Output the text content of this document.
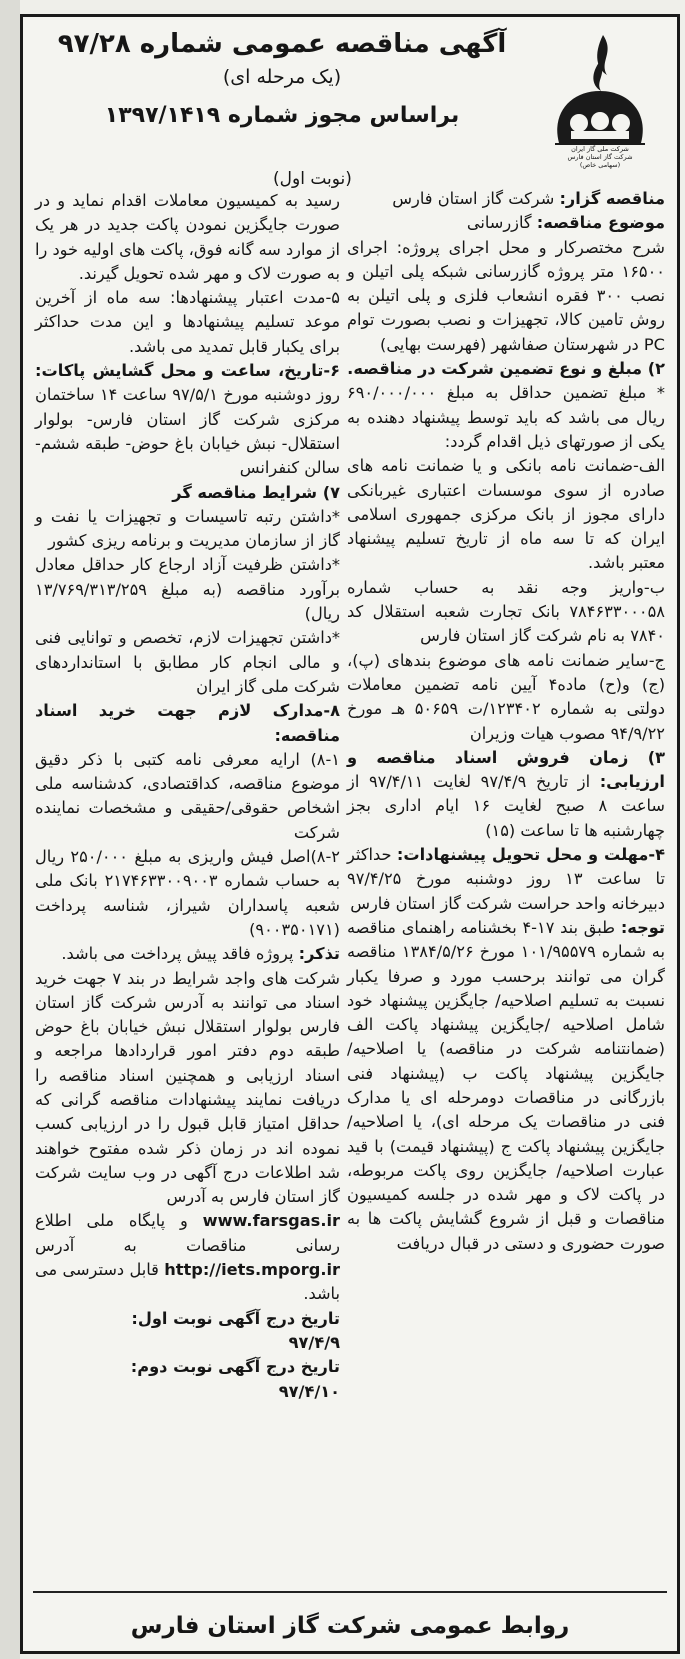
شرکت ملی گاز ایران
شرکت گاز استان فارس
(سهامی خاص)
آگهی مناقصه عمومی شماره ۹۷/۲۸
(یک مرحله ای)
براساس مجوز شماره ۱۳۹۷/۱۴۱۹
(نوبت اول)

مناقصه گزار: شرکت گاز استان فارس

موضوع مناقصه: گازرسانی

شرح مختصرکار و محل اجرای پروژه: اجرای ۱۶۵۰۰ متر پروژه گازرسانی شبکه پلی اتیلن و نصب ۳۰۰ فقره انشعاب فلزی و پلی اتیلن به روش تامین کالا، تجهیزات و نصب بصورت توام PC در شهرستان صفاشهر (فهرست بهایی)

۲) مبلغ و نوع تضمین شرکت در مناقصه.

* مبلغ تضمین حداقل به مبلغ ۶۹۰/۰۰۰/۰۰۰ ریال می باشد که باید توسط پیشنهاد دهنده به یکی از صورتهای ذیل اقدام گردد:

الف-ضمانت نامه بانکی و یا ضمانت نامه های صادره از سوی موسسات اعتباری غیربانکی دارای مجوز از بانک مرکزی جمهوری اسلامی ایران که تا سه ماه از تاریخ تسلیم پیشنهاد معتبر باشد.

ب-واریز وجه نقد به حساب شماره ۷۸۴۶۳۳۰۰۰۵۸ بانک تجارت شعبه استقلال کد ۷۸۴۰ به نام شرکت گاز استان فارس

ج-سایر ضمانت نامه های موضوع بندهای (پ)، (ج) و(ح) ماده۴ آیین نامه تضمین معاملات دولتی به شماره ۱۲۳۴۰۲/ت ۵۰۶۵۹ هـ مورخ ۹۴/۹/۲۲ مصوب هیات وزیران

۳) زمان فروش اسناد مناقصه و ارزیابی: از تاریخ ۹۷/۴/۹ لغایت ۹۷/۴/۱۱ از ساعت ۸ صبح لغایت ۱۶ ایام اداری بجز چهارشنبه ها تا ساعت (۱۵)

۴-مهلت و محل تحویل پیشنهادات: حداکثر تا ساعت ۱۳ روز دوشنبه مورخ ۹۷/۴/۲۵ دبیرخانه واحد حراست شرکت گاز استان فارس

توجه: طبق بند ۱۷-۴ بخشنامه راهنمای مناقصه به شماره ۱۰۱/۹۵۵۷۹ مورخ ۱۳۸۴/۵/۲۶ مناقصه گران می توانند برحسب مورد و صرفا یکبار نسبت به تسلیم اصلاحیه/ جایگزین پیشنهاد خود شامل اصلاحیه /جایگزین پیشنهاد پاکت الف (ضمانتنامه شرکت در مناقصه) یا اصلاحیه/جایگزین پیشنهاد پاکت ب (پیشنهاد فنی بازرگانی در مناقصات دومرحله ای یا مدارک فنی در مناقصات یک مرحله ای)، یا اصلاحیه/ جایگزین پیشنهاد پاکت ج (پیشنهاد قیمت) با قید عبارت اصلاحیه/ جایگزین روی پاکت مربوطه، در پاکت لاک و مهر شده در جلسه کمیسیون مناقصات و قبل از شروع گشایش پاکت ها به صورت حضوری و دستی در قبال دریافت

رسید به کمیسیون معاملات اقدام نماید و در صورت جایگزین نمودن پاکت جدید در هر یک از موارد سه گانه فوق، پاکت های اولیه خود را به صورت لاک و مهر شده تحویل گیرند.

۵-مدت اعتبار پیشنهادها: سه ماه از آخرین موعد تسلیم پیشنهادها و این مدت حداکثر برای یکبار قابل تمدید می باشد.

۶-تاریخ، ساعت و محل گشایش پاکات: روز دوشنبه مورخ ۹۷/۵/۱ ساعت ۱۴ ساختمان مرکزی شرکت گاز استان فارس- بولوار استقلال- نبش خیابان باغ حوض- طبقه ششم- سالن کنفرانس

۷) شرایط مناقصه گر

*داشتن رتبه تاسیسات و تجهیزات یا نفت و گاز از سازمان مدیریت و برنامه ریزی کشور

*داشتن ظرفیت آزاد ارجاع کار حداقل معادل برآورد مناقصه (به مبلغ ۱۳/۷۶۹/۳۱۳/۲۵۹ ریال)

*داشتن تجهیزات لازم، تخصص و توانایی فنی و مالی انجام کار مطابق با استانداردهای شرکت ملی گاز ایران

۸-مدارک لازم جهت خرید اسناد مناقصه:

۸-۱) ارایه معرفی نامه کتبی با ذکر دقیق موضوع مناقصه، کداقتصادی، کدشناسه ملی اشخاص حقوقی/حقیقی و مشخصات نماینده شرکت

۸-۲)اصل فیش واریزی به مبلغ ۲۵۰/۰۰۰ ریال به حساب شماره ۲۱۷۴۶۳۳۰۰۹۰۰۳ بانک ملی شعبه پاسداران شیراز، شناسه پرداخت (۹۰۰۳۵۰۱۷۱)

تذکر: پروژه فاقد پیش پرداخت می باشد.

شرکت های واجد شرایط در بند ۷ جهت خرید اسناد می توانند به آدرس شرکت گاز استان فارس بولوار استقلال نبش خیابان باغ حوض طبقه دوم دفتر امور قراردادها مراجعه و اسناد ارزیابی و همچنین اسناد مناقصه را دریافت نمایند پیشنهادات مناقصه گرانی که حداقل امتیاز قابل قبول را در ارزیابی کسب نموده اند در زمان ذکر شده مفتوح خواهند شد اطلاعات درج آگهی در وب سایت شرکت گاز استان فارس به آدرس

www.farsgas.ir و پایگاه ملی اطلاع رسانی مناقصات به آدرس http://iets.mporg.ir قابل دسترسی می باشد.

تاریخ درج آگهی نوبت اول:

۹۷/۴/۹

تاریخ درج آگهی نوبت دوم:

۹۷/۴/۱۰

روابط عمومی شرکت گاز استان فارس
